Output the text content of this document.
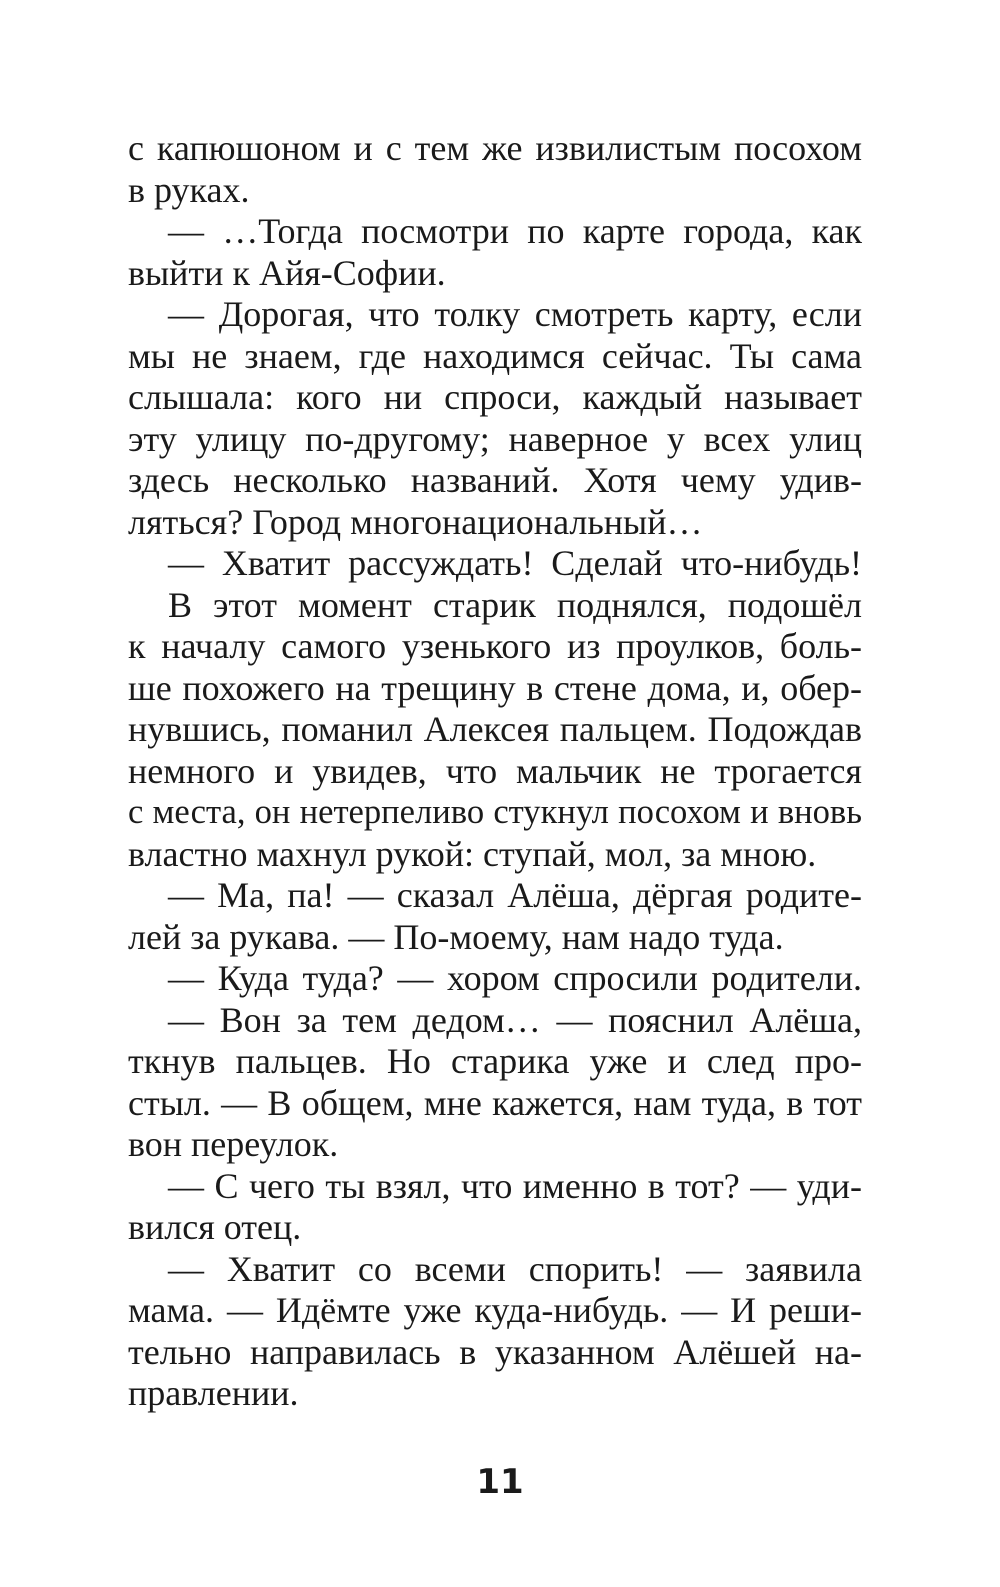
с капюшоном и с тем же извилистым посохом
в руках.
— …Тогда посмотри по карте города, как
выйти к Айя-Софии.
— Дорогая, что толку смотреть карту, если
мы не знаем, где находимся сейчас. Ты сама
слышала: кого ни спроси, каждый называет
эту улицу по-другому; наверное у всех улиц
здесь несколько названий. Хотя чему удив-
ляться? Город многонациональный…
— Хватит рассуждать! Сделай что-нибудь!
В этот момент старик поднялся, подошёл
к началу самого узенького из проулков, боль-
ше похожего на трещину в стене дома, и, обер-
нувшись, поманил Алексея пальцем. Подождав
немного и увидев, что мальчик не трогается
с места, он нетерпеливо стукнул посохом и вновь
властно махнул рукой: ступай, мол, за мною.
— Ма, па! — сказал Алёша, дёргая родите-
лей за рукава. — По-моему, нам надо туда.
— Куда туда? — хором спросили родители.
— Вон за тем дедом… — пояснил Алёша,
ткнув пальцев. Но старика уже и след про-
стыл. — В общем, мне кажется, нам туда, в тот
вон переулок.
— С чего ты взял, что именно в тот? — уди-
вился отец.
— Хватит со всеми спорить! — заявила
мама. — Идёмте уже куда-нибудь. — И реши-
тельно направилась в указанном Алёшей на-
правлении.
11
